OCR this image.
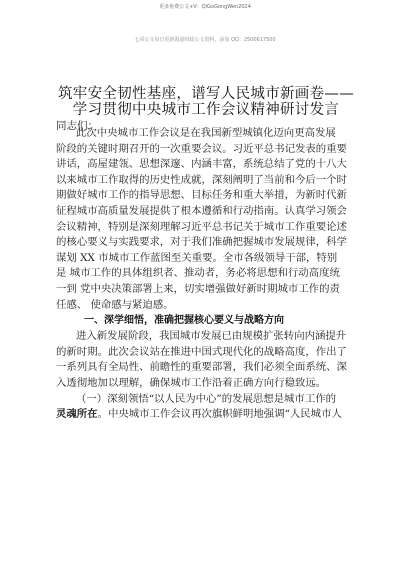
更多免费公文+V：QiGoGongWen2024
七哥公文每日更新海量时政公文资料，添加 QQ：2500617500
筑牢安全韧性基座，谱写人民城市新画卷——
学习贯彻中央城市工作会议精神研讨发言
同志们：

此次中央城市工作会议是在我国新型城镇化迈向更高发展
阶段的关键时期召开的一次重要会议。习近平总书记发表的重要
讲话，高屋建瓴、思想深邃、内涵丰富，系统总结了党的十八大
以来城市工作取得的历史性成就，深刻阐明了当前和今后一个时
期做好城市工作的指导思想、目标任务和重大举措，为新时代新
征程城市高质量发展提供了根本遵循和行动指南。认真学习领会
会议精神，特别是深刻理解习近平总书记关于城市工作重要论述
的核心要义与实践要求，对于我们准确把握城市发展规律，科学
谋划 XX 市城市工作蓝图至关重要。全市各级领导干部，特别
是 城市工作的具体组织者、推动者，务必将思想和行动高度统
一到 党中央决策部署上来，切实增强做好新时期城市工作的责
任感、 使命感与紧迫感。

一、深学细悟，准确把握核心要义与战略方向

进入新发展阶段，我国城市发展已由规模扩张转向内涵提升
的新时期。此次会议站在推进中国式现代化的战略高度，作出了
一系列具有全局性、前瞻性的重要部署，我们必须全面系统、深
入透彻地加以理解，确保城市工作沿着正确方向行稳致远。

（一）深刻领悟“以人民为中心”的发展思想是城市工作的
灵魂所在。中央城市工作会议再次旗帜鲜明地强调“人民城市人
